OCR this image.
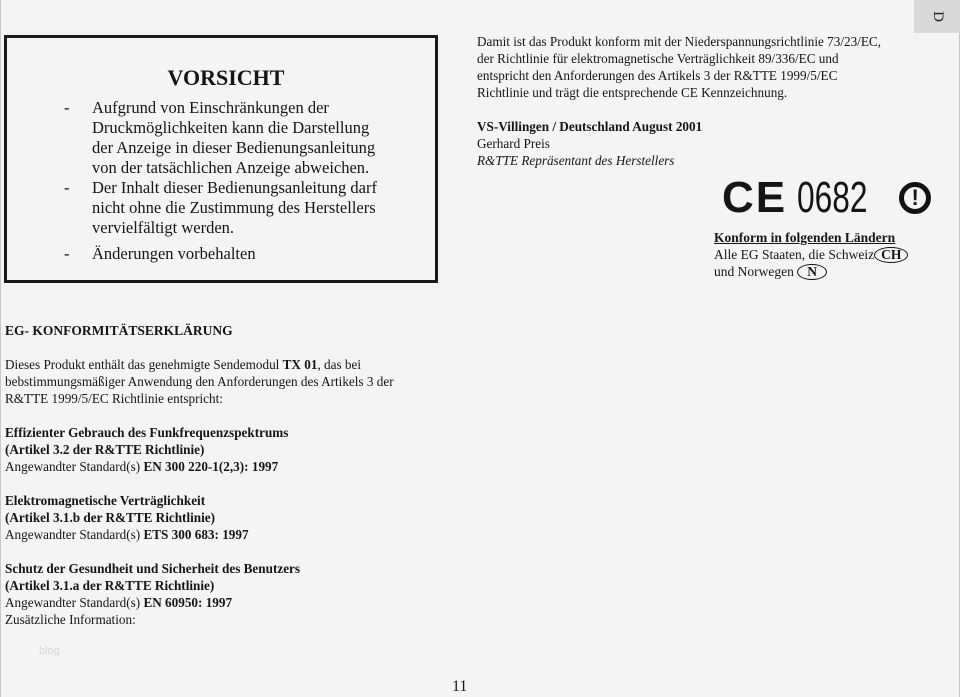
D
VORSICHT
- Aufgrund von Einschränkungen der
Druckmöglichkeiten kann die Darstellung
der Anzeige in dieser Bedienungsanleitung
von der tatsächlichen Anzeige abweichen.
- Der Inhalt dieser Bedienungsanleitung darf
nicht ohne die Zustimmung des Herstellers
vervielfältigt werden.
- Änderungen vorbehalten

Damit ist das Produkt konform mit der Niederspannungsrichtlinie 73/23/EC,

der Richtlinie für elektromagnetische Verträglichkeit 89/336/EC und

entspricht den Anforderungen des Artikels 3 der R&TTE 1999/5/EC

Richtlinie und trägt die entsprechende CE Kennzeichnung.

VS-Villingen / Deutschland August 2001

Gerhard Preis

R&TTE Repräsentant des Herstellers

CE 0682 !
Konform in folgenden Ländern
Alle EG Staaten, die Schweiz CH
und Norwegen N

EG- KONFORMITÄTSERKLÄRUNG

Dieses Produkt enthält das genehmigte Sendemodul TX 01, das bei

bebstimmungsmäßiger Anwendung den Anforderungen des Artikels 3 der

R&TTE 1999/5/EC Richtlinie entspricht:

Effizienter Gebrauch des Funkfrequenzspektrums

(Artikel 3.2 der R&TTE Richtlinie)

Angewandter Standard(s) EN 300 220-1(2,3): 1997

Elektromagnetische Verträglichkeit

(Artikel 3.1.b der R&TTE Richtlinie)

Angewandter Standard(s) ETS 300 683: 1997

Schutz der Gesundheit und Sicherheit des Benutzers

(Artikel 3.1.a der R&TTE Richtlinie)

Angewandter Standard(s) EN 60950: 1997

Zusätzliche Information:

blog
11
